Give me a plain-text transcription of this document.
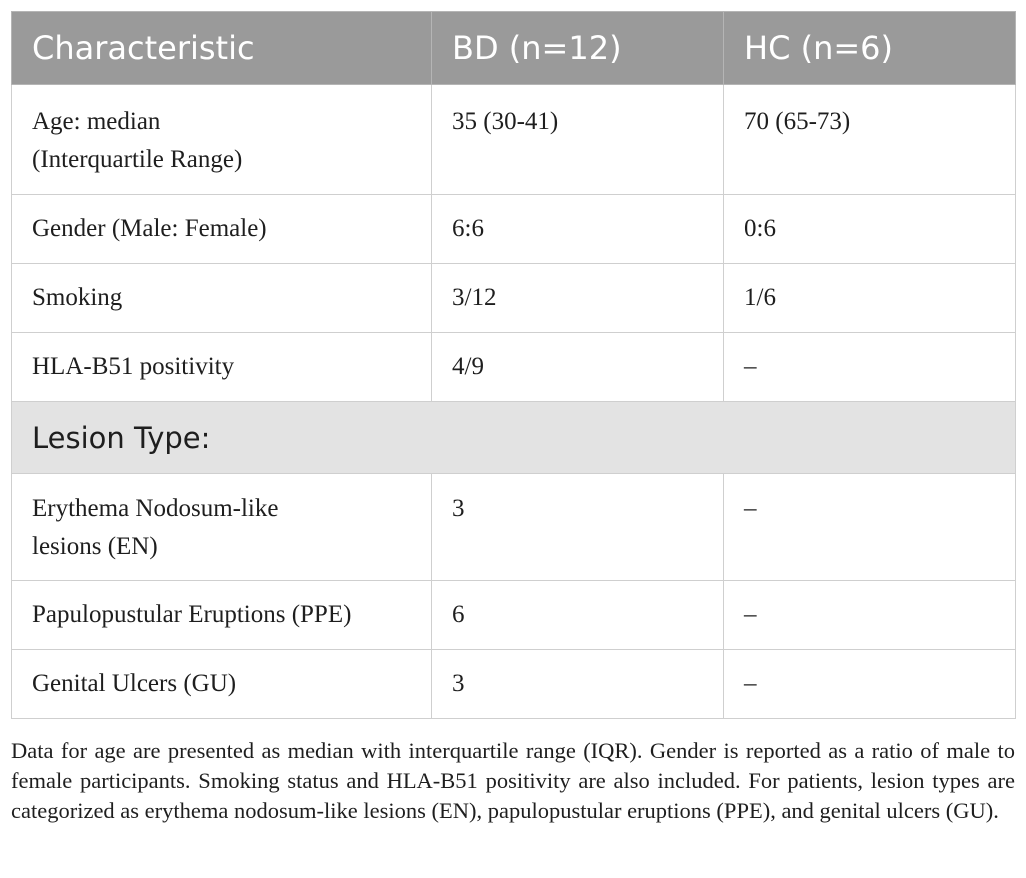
Characteristic	BD (n=12)	HC (n=6)
Age: median
(Interquartile Range)	35 (30-41)	70 (65-73)
Gender (Male: Female)	6:6	0:6
Smoking	3/12	1/6
HLA-B51 positivity	4/9	–
Lesion Type:		
Erythema Nodosum-like
lesions (EN)	3	–
Papulopustular Eruptions (PPE)	6	–
Genital Ulcers (GU)	3	–
Data for age are presented as median with interquartile range (IQR). Gender is reported as a ratio of male to female participants. Smoking status and HLA-B51 positivity are also included. For patients, lesion types are categorized as erythema nodosum-like lesions (EN), papulopustular eruptions (PPE), and genital ulcers (GU).
